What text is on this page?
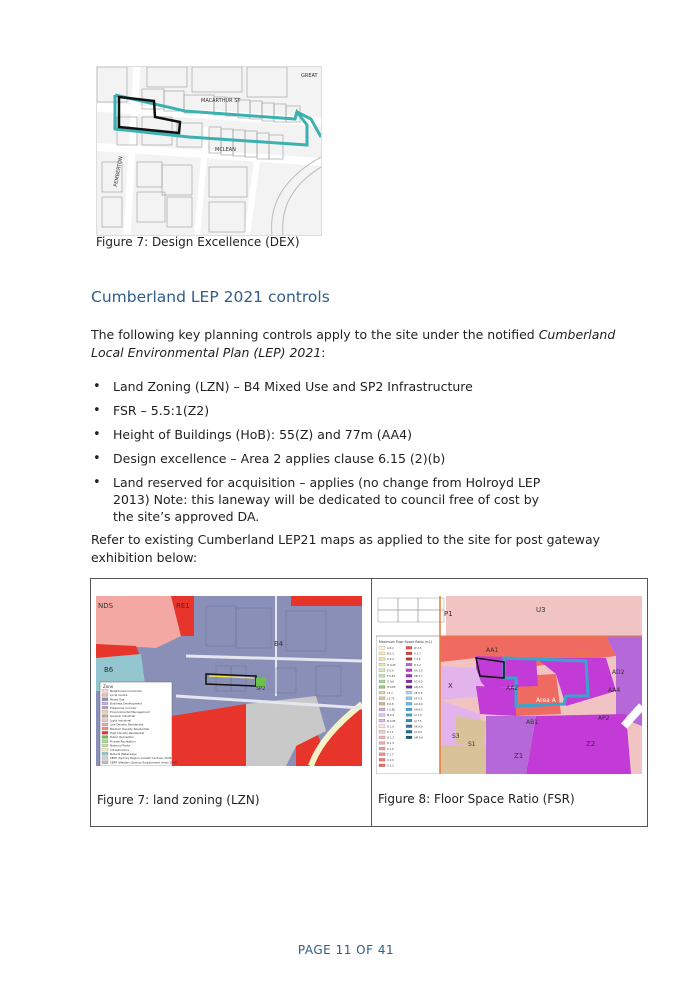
MACARTHUR ST
MCLEAN
GREAT
PEMBERTON
Figure 7: Design Excellence (DEX)
Cumberland LEP 2021 controls
The following key planning controls apply to the site under the notified Cumberland Local Environmental Plan (LEP) 2021:
• Land Zoning (LZN) – B4 Mixed Use and SP2 Infrastructure
• FSR – 5.5:1(Z2)
• Height of Buildings (HoB): 55(Z) and 77m (AA4)
• Design excellence – Area 2 applies clause 6.15 (2)(b)
• Land reserved for acquisition – applies (no change from Holroyd LEP 2013) Note: this laneway will be dedicated to council free of cost by the site’s approved DA.
Refer to existing Cumberland LEP21 maps as applied to the site for post gateway exhibition below:
RE1
B4
B6
SP2
NDS
Zone
Neighbourhood Centre
Local Centre
Mixed Use
Business Development
Enterprise Corridor
Environmental Management
General Industrial
Light Industrial
Low Density Residential
Medium Density Residential
High Density Residential
Public Recreation
Private Recreation
National Parks
Infrastructure
Natural Waterways
SEPP (Sydney Region Growth Centres) 2006
SEPP (Western Sydney Employment Area) 2009
Figure 7: land zoning (LZN)
P1	U3
AA1
AA2
X
Area A
AB1
S3
S1
Z1
Z2
AD2
AA4
AP2
Area 2
Maximum Floor Space Ratio (n:1)
A 0.2
B 0.3
C 0.4
D 0.45
E 0.5
F 0.55
G 0.6
H 0.65
I 0.7
J 0.75
K 0.8
L 0.85
M 0.9
N 0.95
O 1.0
P 1.1
Q 1.2
R 1.3
S 1.5
T 1.7
U 2.0
V 2.2
W 2.5
X 2.7
Y 3.0
Z 3.2
AA 3.5
AB 3.7
AC 4.0
AD 4.5
AE 5.0
AF 5.5
AG 6.0
AH 6.5
AI 7.0
AJ 7.5
AK 8.0
AL 8.5
AM 9.0
Figure 8: Floor Space Ratio (FSR)
PAGE 11 OF 41
